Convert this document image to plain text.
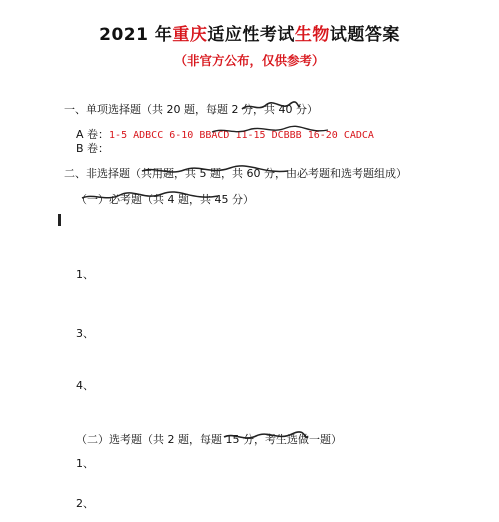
2021 年重庆适应性考试生物试题答案
（非官方公布，仅供参考）
一、单项选择题（共 20 题，每题 2 分，共 40 分）
A 卷：1-5 ADBCC 6-10 BBACD 11-15 DCBBB 16-20 CADCA
B 卷：
二、非选择题（共用题，共 5 题，共 60 分，由必考题和选考题组成）
（一）必考题（共 4 题，共 45 分）
1、
3、
4、
（二）选考题（共 2 题，每题 15 分，考生选做一题）
1、
2、
